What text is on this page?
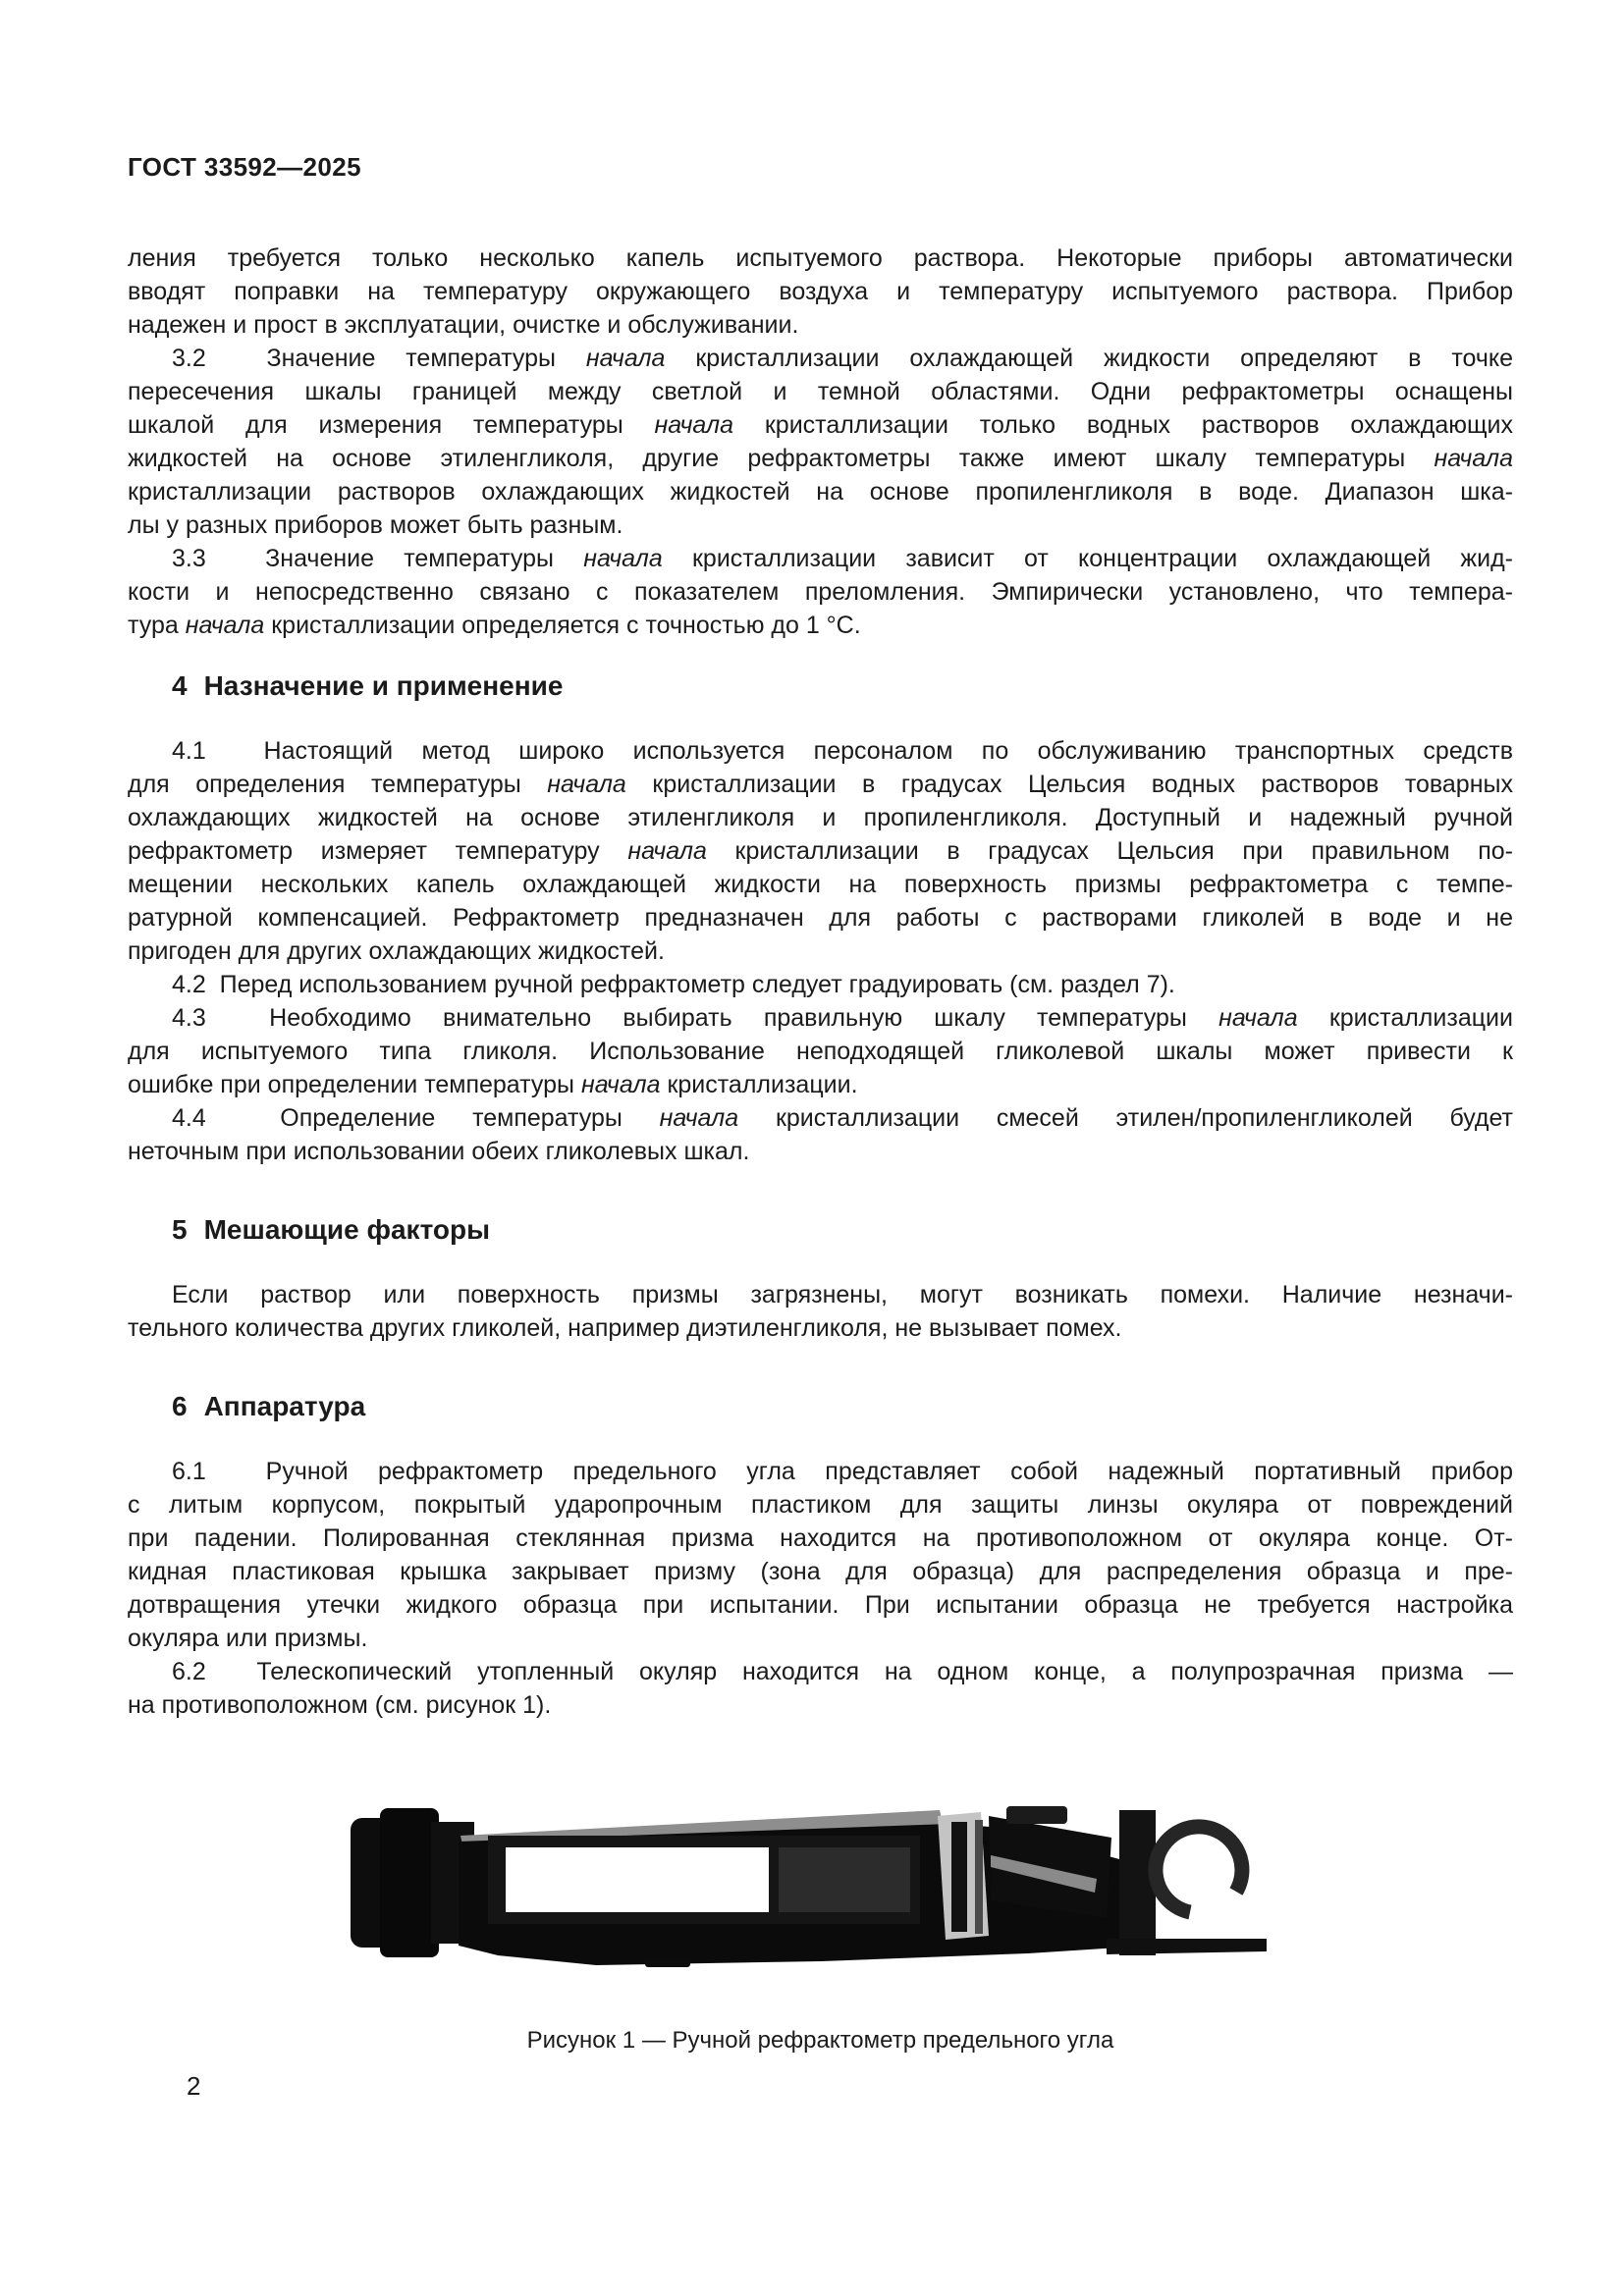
ГОСТ 33592—2025
ления требуется только несколько капель испытуемого раствора. Некоторые приборы автоматически
вводят поправки на температуру окружающего воздуха и температуру испытуемого раствора. Прибор
надежен и прост в эксплуатации, очистке и обслуживании.
3.2  Значение температуры начала кристаллизации охлаждающей жидкости определяют в точке
пересечения шкалы границей между светлой и темной областями. Одни рефрактометры оснащены
шкалой для измерения температуры начала кристаллизации только водных растворов охлаждающих
жидкостей на основе этиленгликоля, другие рефрактометры также имеют шкалу температуры начала
кристаллизации растворов охлаждающих жидкостей на основе пропиленгликоля в воде. Диапазон шка-
лы у разных приборов может быть разным.
3.3  Значение температуры начала кристаллизации зависит от концентрации охлаждающей жид-
кости и непосредственно связано с показателем преломления. Эмпирически установлено, что темпера-
тура начала кристаллизации определяется с точностью до 1 °С.
4 Назначение и применение
4.1  Настоящий метод широко используется персоналом по обслуживанию транспортных средств
для определения температуры начала кристаллизации в градусах Цельсия водных растворов товарных
охлаждающих жидкостей на основе этиленгликоля и пропиленгликоля. Доступный и надежный ручной
рефрактометр измеряет температуру начала кристаллизации в градусах Цельсия при правильном по-
мещении нескольких капель охлаждающей жидкости на поверхность призмы рефрактометра с темпе-
ратурной компенсацией. Рефрактометр предназначен для работы с растворами гликолей в воде и не
пригоден для других охлаждающих жидкостей.
4.2  Перед использованием ручной рефрактометр следует градуировать (см. раздел 7).
4.3  Необходимо внимательно выбирать правильную шкалу температуры начала кристаллизации
для испытуемого типа гликоля. Использование неподходящей гликолевой шкалы может привести к
ошибке при определении температуры начала кристаллизации.
4.4  Определение температуры начала кристаллизации смесей этилен/пропиленгликолей будет
неточным при использовании обеих гликолевых шкал.
5 Мешающие факторы
Если раствор или поверхность призмы загрязнены, могут возникать помехи. Наличие незначи-
тельного количества других гликолей, например диэтиленгликоля, не вызывает помех.
6 Аппаратура
6.1  Ручной рефрактометр предельного угла представляет собой надежный портативный прибор
с литым корпусом, покрытый ударопрочным пластиком для защиты линзы окуляра от повреждений
при падении. Полированная стеклянная призма находится на противоположном от окуляра конце. От-
кидная пластиковая крышка закрывает призму (зона для образца) для распределения образца и пре-
дотвращения утечки жидкого образца при испытании. При испытании образца не требуется настройка
окуляра или призмы.
6.2  Телескопический утопленный окуляр находится на одном конце, а полупрозрачная призма —
на противоположном (см. рисунок 1).
Рисунок 1 — Ручной рефрактометр предельного угла
2
